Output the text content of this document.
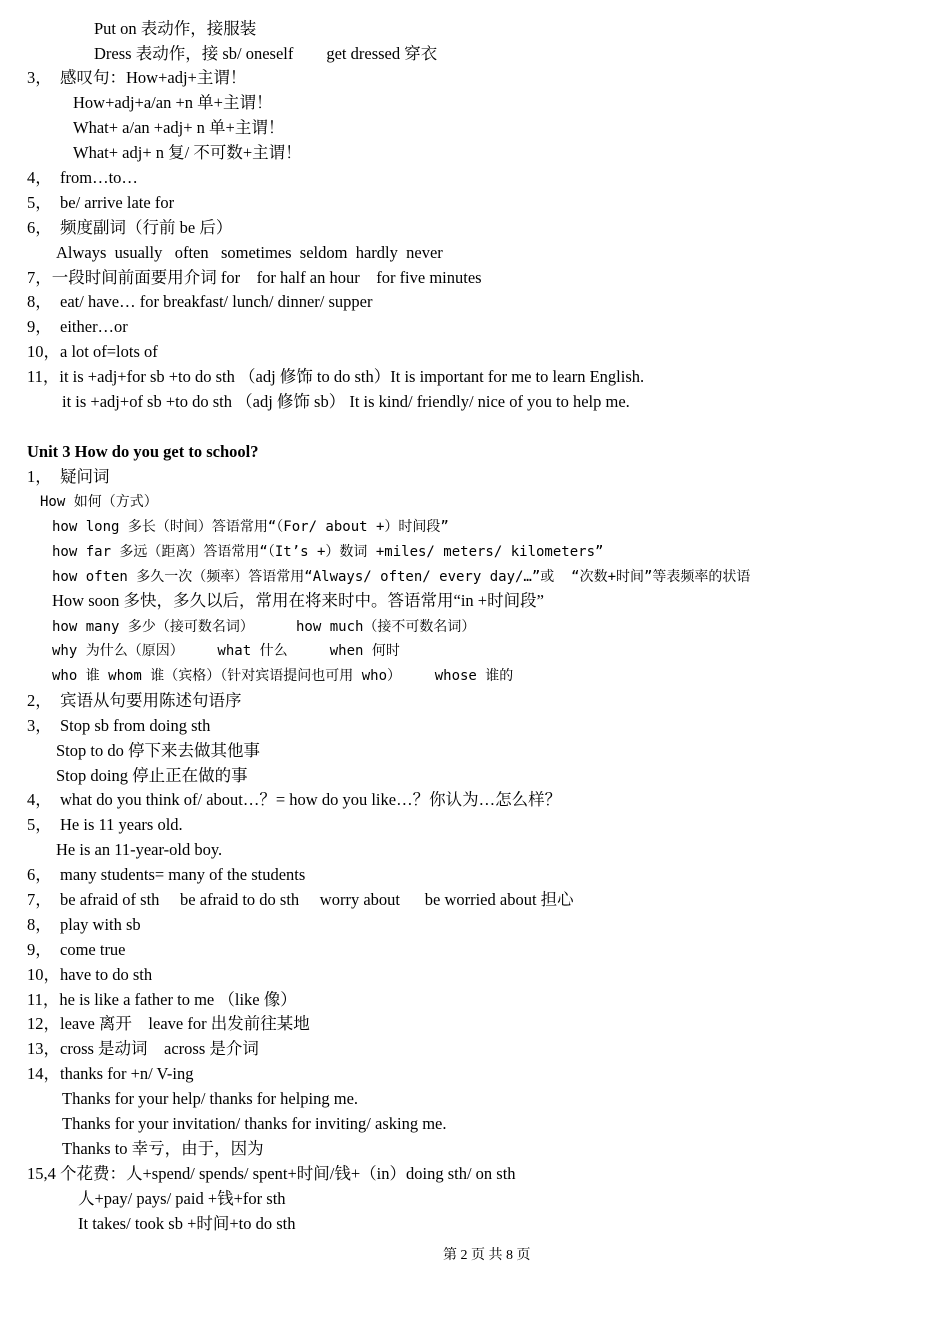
Put on 表动作，接服装
Dress 表动作，接 sb/ oneself        get dressed 穿衣
3，  感叹句：How+adj+主谓！
How+adj+a/an +n 单+主谓！
What+ a/an +adj+ n 单+主谓！
What+ adj+ n 复/ 不可数+主谓！
4，  from…to…
5，  be/ arrive late for
6，  频度副词（行前 be 后）
Always  usually   often   sometimes  seldom  hardly  never
7，一段时间前面要用介词 for    for half an hour    for five minutes
8，  eat/ have… for breakfast/ lunch/ dinner/ supper
9，  either…or
10，a lot of=lots of
11，it is +adj+for sb +to do sth （adj 修饰 to do sth）It is important for me to learn English.
it is +adj+of sb +to do sth （adj 修饰 sb） It is kind/ friendly/ nice of you to help me.
Unit 3 How do you get to school?
1，  疑问词
How 如何（方式）
how long 多长（时间）答语常用“（For/ about +）时间段”
how far 多远（距离）答语常用“（It’s +）数词 +miles/ meters/ kilometers”
how often 多久一次（频率）答语常用“Always/ often/ every day/…”或  “次数+时间”等表频率的状语
How soon 多快，多久以后，常用在将来时中。答语常用“in +时间段”
how many 多少（接可数名词）     how much（接不可数名词）
why 为什么（原因）    what 什么     when 何时
who 谁 whom 谁（宾格）（针对宾语提问也可用 who）    whose 谁的
2，  宾语从句要用陈述句语序
3，  Stop sb from doing sth
Stop to do 停下来去做其他事
Stop doing 停止正在做的事
4，  what do you think of/ about…？= how do you like…？你认为…怎么样？
5，  He is 11 years old.
He is an 11-year-old boy.
6，  many students= many of the students
7，  be afraid of sth     be afraid to do sth     worry about      be worried about 担心
8，  play with sb
9，  come true
10，have to do sth
11，he is like a father to me （like 像）
12，leave 离开    leave for 出发前往某地
13，cross 是动词    across 是介词
14，thanks for +n/ V-ing
Thanks for your help/ thanks for helping me.
Thanks for your invitation/ thanks for inviting/ asking me.
Thanks to 幸亏，由于，因为
15,4 个花费：人+spend/ spends/ spent+时间/钱+（in）doing sth/ on sth
人+pay/ pays/ paid +钱+for sth
It takes/ took sb +时间+to do sth
第 2 页 共 8 页
